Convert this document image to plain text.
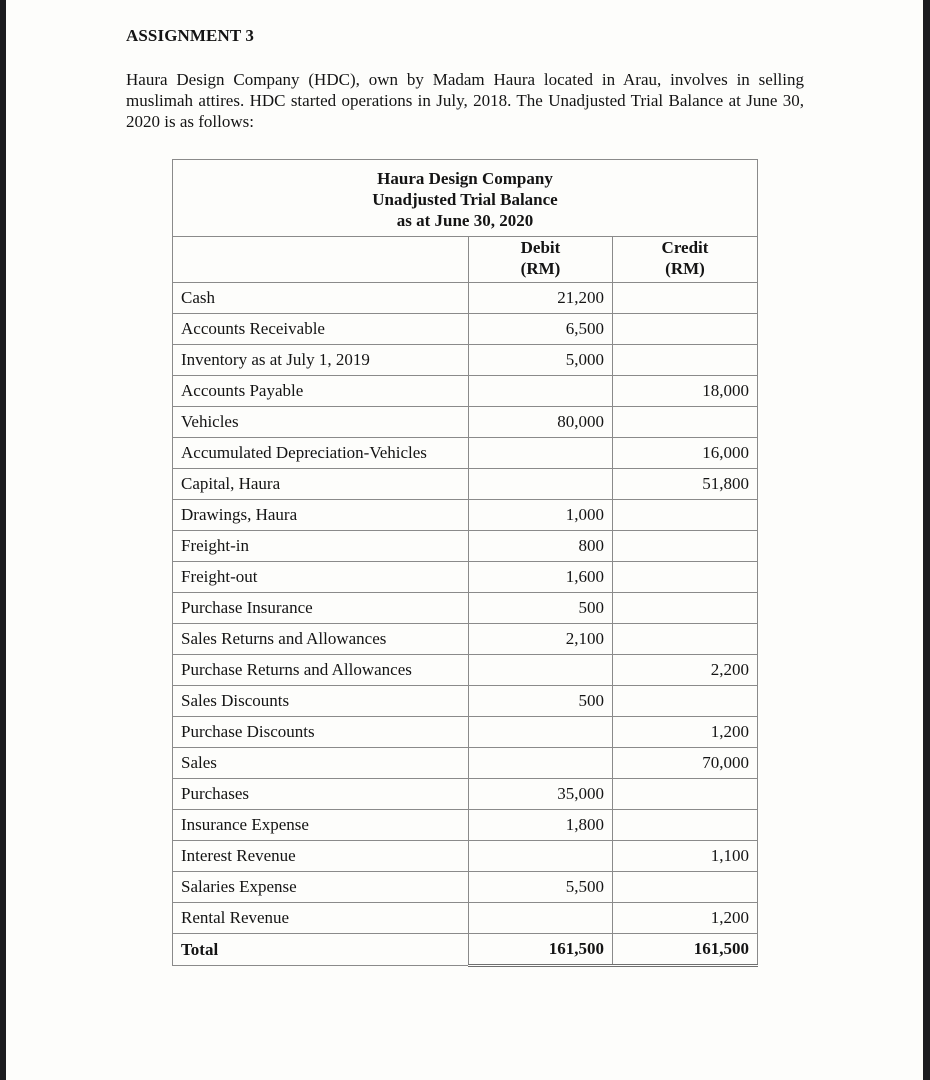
ASSIGNMENT 3
Haura Design Company (HDC), own by Madam Haura located in Arau, involves in selling muslimah attires. HDC started operations in July, 2018. The Unadjusted Trial Balance at June 30, 2020 is as follows:
Haura Design Company
Unadjusted Trial Balance
as at June 30, 2020		

Debit
(RM)

Credit
(RM)

Cash	21,200	
Accounts Receivable	6,500	
Inventory as at July 1, 2019	5,000	
Accounts Payable		18,000
Vehicles	80,000	
Accumulated Depreciation-Vehicles		16,000
Capital, Haura		51,800
Drawings, Haura	1,000	
Freight-in	800	
Freight-out	1,600	
Purchase Insurance	500	
Sales Returns and Allowances	2,100	
Purchase Returns and Allowances		2,200
Sales Discounts	500	
Purchase Discounts		1,200
Sales		70,000
Purchases	35,000	
Insurance Expense	1,800	
Interest Revenue		1,100
Salaries Expense	5,500	
Rental Revenue		1,200
Total	161,500	161,500
